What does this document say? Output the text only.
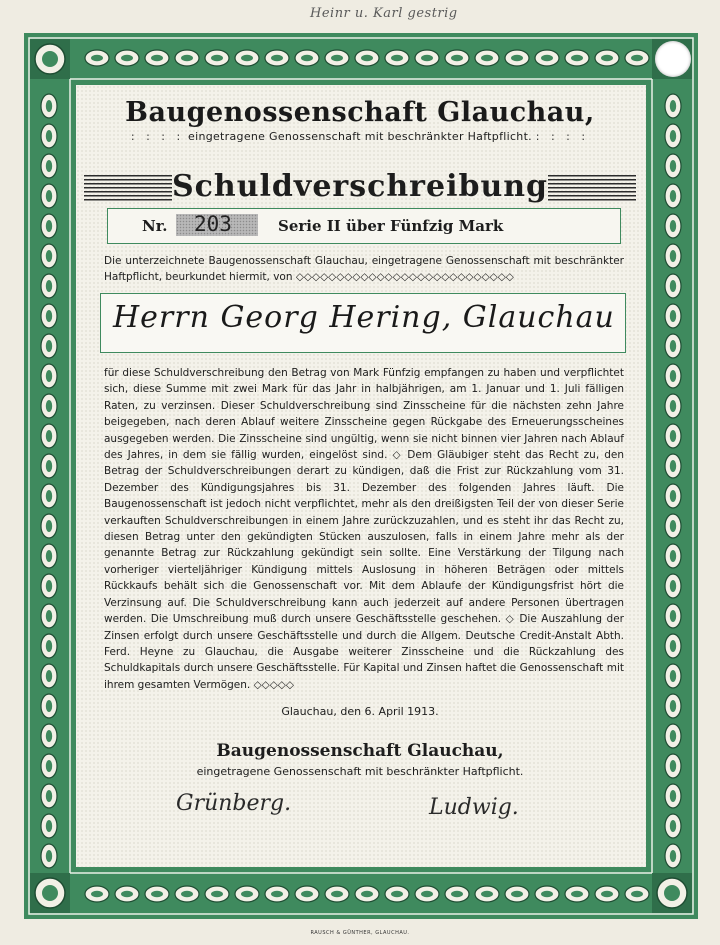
Heinr u. Karl gestrig
Baugenossenschaft Glauchau,
: : : : eingetragene Genossenschaft mit beschränkter Haftpflicht. : : : :
Schuldverschreibung
Nr. 203	Serie II über Fünfzig Mark
Die unterzeichnete Baugenossenschaft Glauchau, eingetragene Genossenschaft mit beschränkter Haftpflicht, beurkundet hiermit, von ◇◇◇◇◇◇◇◇◇◇◇◇◇◇◇◇◇◇◇◇◇◇◇◇◇◇◇
Herrn Georg Hering, Glauchau
für diese Schuldverschreibung den Betrag von Mark Fünfzig empfangen zu haben und verpflichtet sich, diese Summe mit zwei Mark für das Jahr in halbjährigen, am 1. Januar und 1. Juli fälligen Raten, zu verzinsen. Dieser Schuldverschreibung sind Zinsscheine für die nächsten zehn Jahre beigegeben, nach deren Ablauf weitere Zinsscheine gegen Rückgabe des Erneuerungsscheines ausgegeben werden. Die Zinsscheine sind ungültig, wenn sie nicht binnen vier Jahren nach Ablauf des Jahres, in dem sie fällig wurden, eingelöst sind. ◇ Dem Gläubiger steht das Recht zu, den Betrag der Schuldverschreibungen derart zu kündigen, daß die Frist zur Rückzahlung vom 31. Dezember des Kündigungsjahres bis 31. Dezember des folgenden Jahres läuft. Die Baugenossenschaft ist jedoch nicht verpflichtet, mehr als den dreißigsten Teil der von dieser Serie verkauften Schuldverschreibungen in einem Jahre zurückzuzahlen, und es steht ihr das Recht zu, diesen Betrag unter den gekündigten Stücken auszulosen, falls in einem Jahre mehr als der genannte Betrag zur Rückzahlung gekündigt sein sollte. Eine Verstärkung der Tilgung nach vorheriger vierteljähriger Kündigung mittels Auslosung in höheren Beträgen oder mittels Rückkaufs behält sich die Genossenschaft vor. Mit dem Ablaufe der Kündigungsfrist hört die Verzinsung auf. Die Schuldverschreibung kann auch jederzeit auf andere Personen übertragen werden. Die Umschreibung muß durch unsere Geschäftsstelle geschehen. ◇ Die Auszahlung der Zinsen erfolgt durch unsere Geschäftsstelle und durch die Allgem. Deutsche Credit-Anstalt Abth. Ferd. Heyne zu Glauchau, die Ausgabe weiterer Zinsscheine und die Rückzahlung des Schuldkapitals durch unsere Geschäftsstelle. Für Kapital und Zinsen haftet die Genossenschaft mit ihrem gesamten Vermögen. ◇◇◇◇◇
Glauchau, den 6. April 1913.
Baugenossenschaft Glauchau,
eingetragene Genossenschaft mit beschränkter Haftpflicht.
Grünberg.	Ludwig.
RAUSCH & GÜNTHER, GLAUCHAU.
